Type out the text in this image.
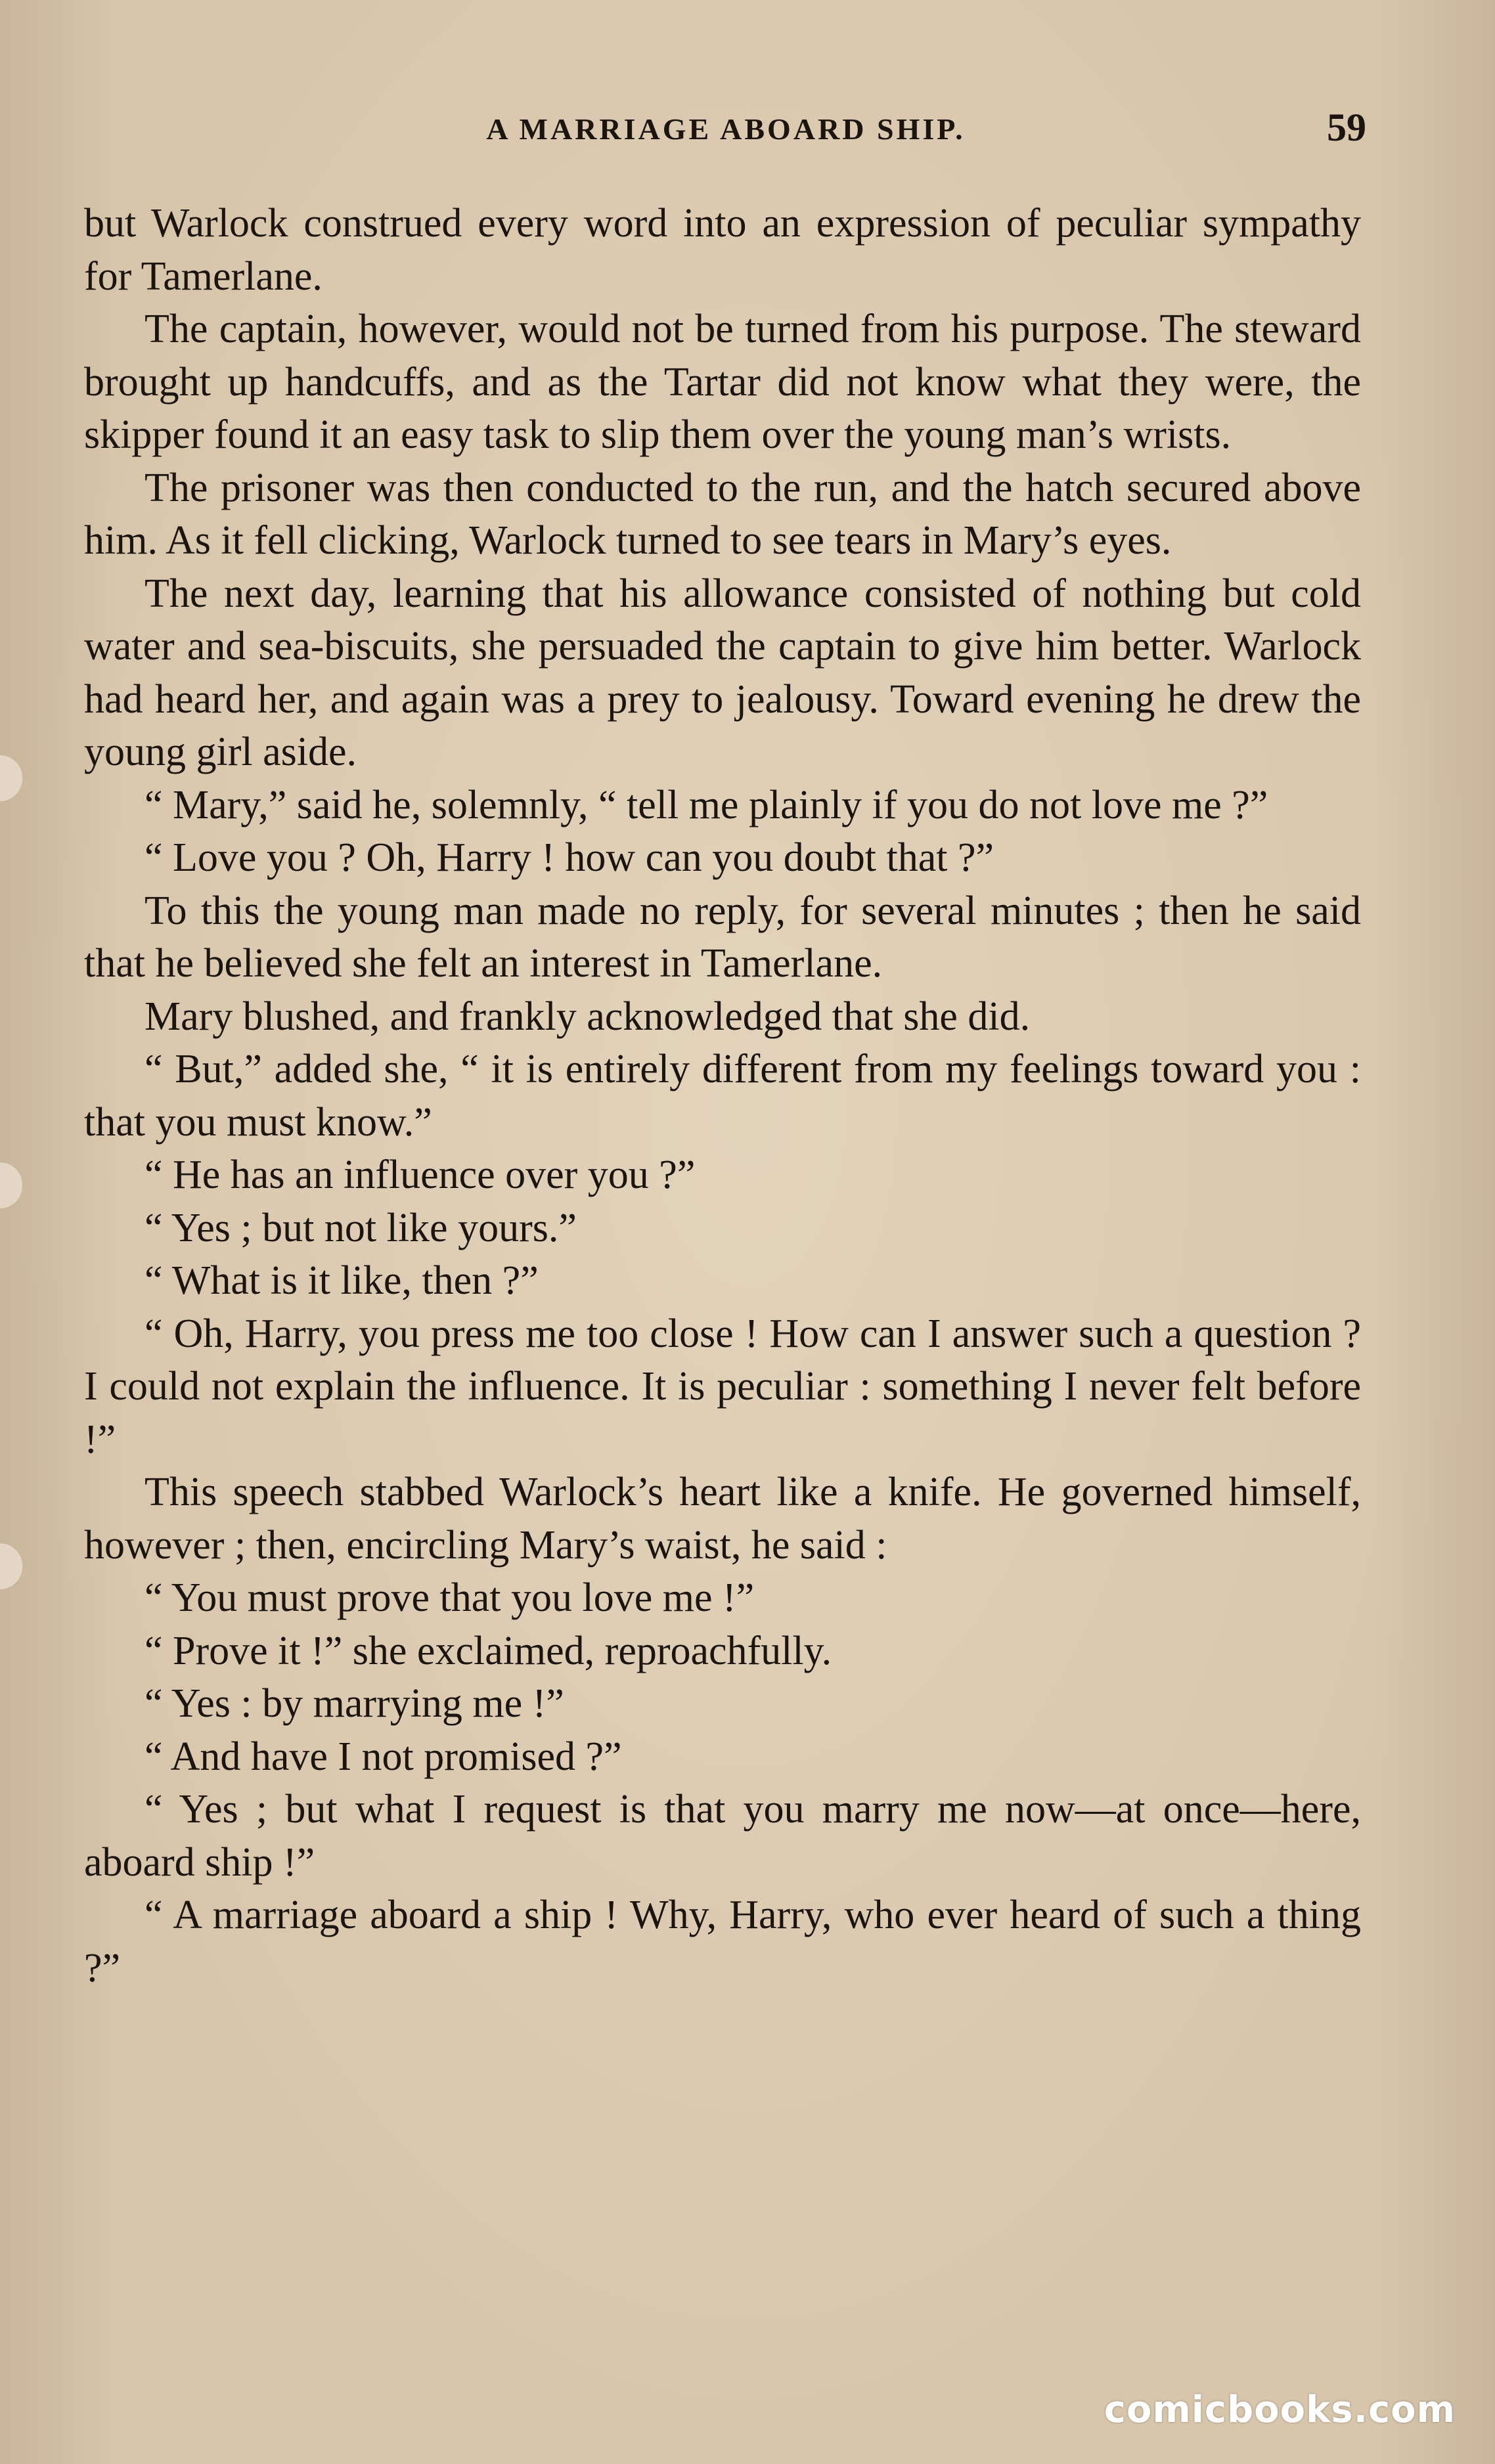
A MARRIAGE ABOARD SHIP.	59

but Warlock construed every word into an expression of peculiar sympathy for Tamerlane.

The captain, however, would not be turned from his purpose. The steward brought up handcuffs, and as the Tartar did not know what they were, the skipper found it an easy task to slip them over the young man’s wrists.

The prisoner was then conducted to the run, and the hatch secured above him. As it fell clicking, Warlock turned to see tears in Mary’s eyes.

The next day, learning that his allowance consisted of nothing but cold water and sea-biscuits, she persuaded the captain to give him better. Warlock had heard her, and again was a prey to jealousy. Toward evening he drew the young girl aside.

“ Mary,” said he, solemnly, “ tell me plainly if you do not love me ?”

“ Love you ? Oh, Harry ! how can you doubt that ?”

To this the young man made no reply, for several minutes ; then he said that he believed she felt an interest in Tamerlane.

Mary blushed, and frankly acknowledged that she did.

“ But,” added she, “ it is entirely different from my feelings toward you : that you must know.”

“ He has an influence over you ?”

“ Yes ; but not like yours.”

“ What is it like, then ?”

“ Oh, Harry, you press me too close ! How can I answer such a question ? I could not explain the influence. It is peculiar : something I never felt before !”

This speech stabbed Warlock’s heart like a knife. He governed himself, however ; then, encircling Mary’s waist, he said :

“ You must prove that you love me !”

“ Prove it !” she exclaimed, reproachfully.

“ Yes : by marrying me !”

“ And have I not promised ?”

“ Yes ; but what I request is that you marry me now—at once—here, aboard ship !”

“ A marriage aboard a ship ! Why, Harry, who ever heard of such a thing ?”

comicbooks.com
